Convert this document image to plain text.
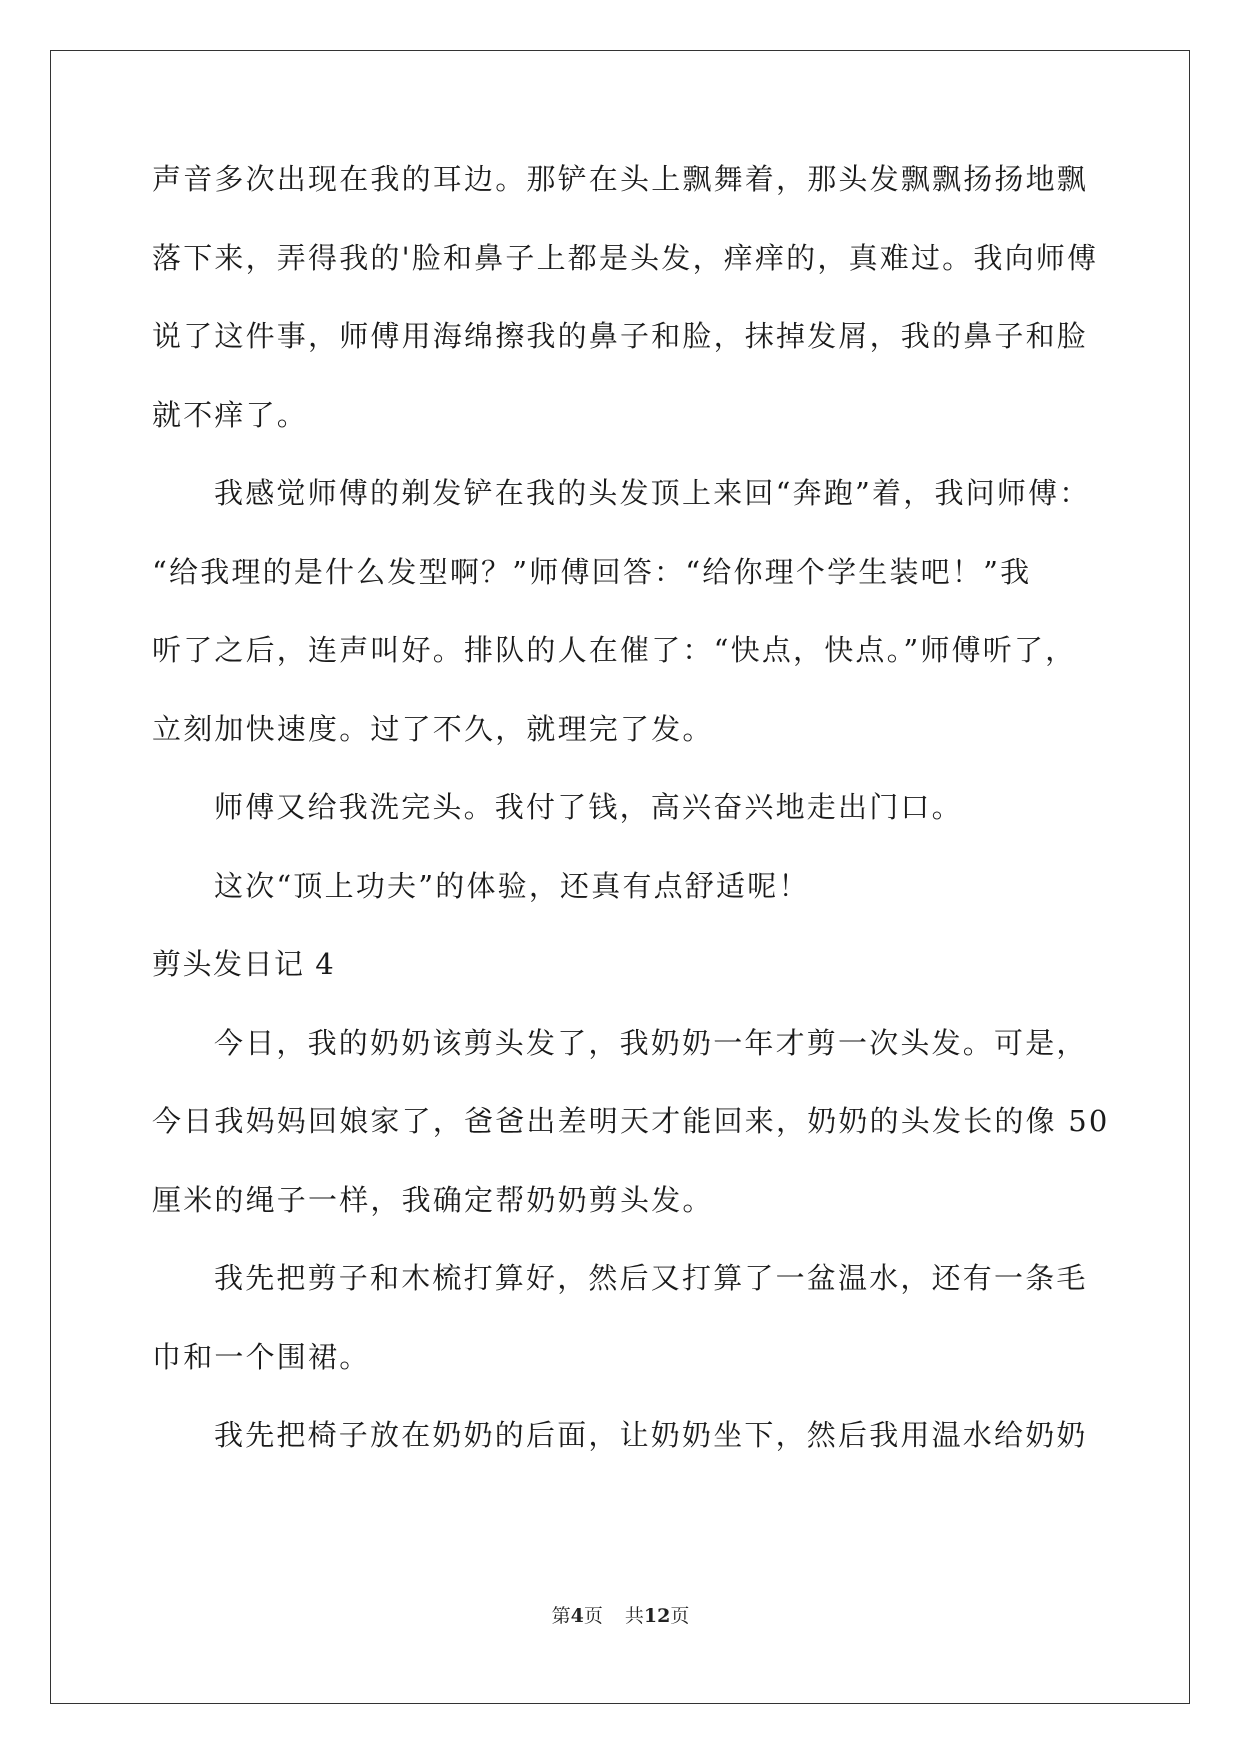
声音多次出现在我的耳边。那铲在头上飘舞着，那头发飘飘扬扬地飘
落下来，弄得我的'脸和鼻子上都是头发，痒痒的，真难过。我向师傅
说了这件事，师傅用海绵擦我的鼻子和脸，抹掉发屑，我的鼻子和脸
就不痒了。
我感觉师傅的剃发铲在我的头发顶上来回“奔跑”着，我问师傅：
“给我理的是什么发型啊？”师傅回答：“给你理个学生装吧！”我
听了之后，连声叫好。排队的人在催了：“快点，快点。”师傅听了，
立刻加快速度。过了不久，就理完了发。
师傅又给我洗完头。我付了钱，高兴奋兴地走出门口。
这次“顶上功夫”的体验，还真有点舒适呢！
剪头发日记 4
今日，我的奶奶该剪头发了，我奶奶一年才剪一次头发。可是，
今日我妈妈回娘家了，爸爸出差明天才能回来，奶奶的头发长的像 50
厘米的绳子一样，我确定帮奶奶剪头发。
我先把剪子和木梳打算好，然后又打算了一盆温水，还有一条毛
巾和一个围裙。
我先把椅子放在奶奶的后面，让奶奶坐下，然后我用温水给奶奶
第4页 共12页
